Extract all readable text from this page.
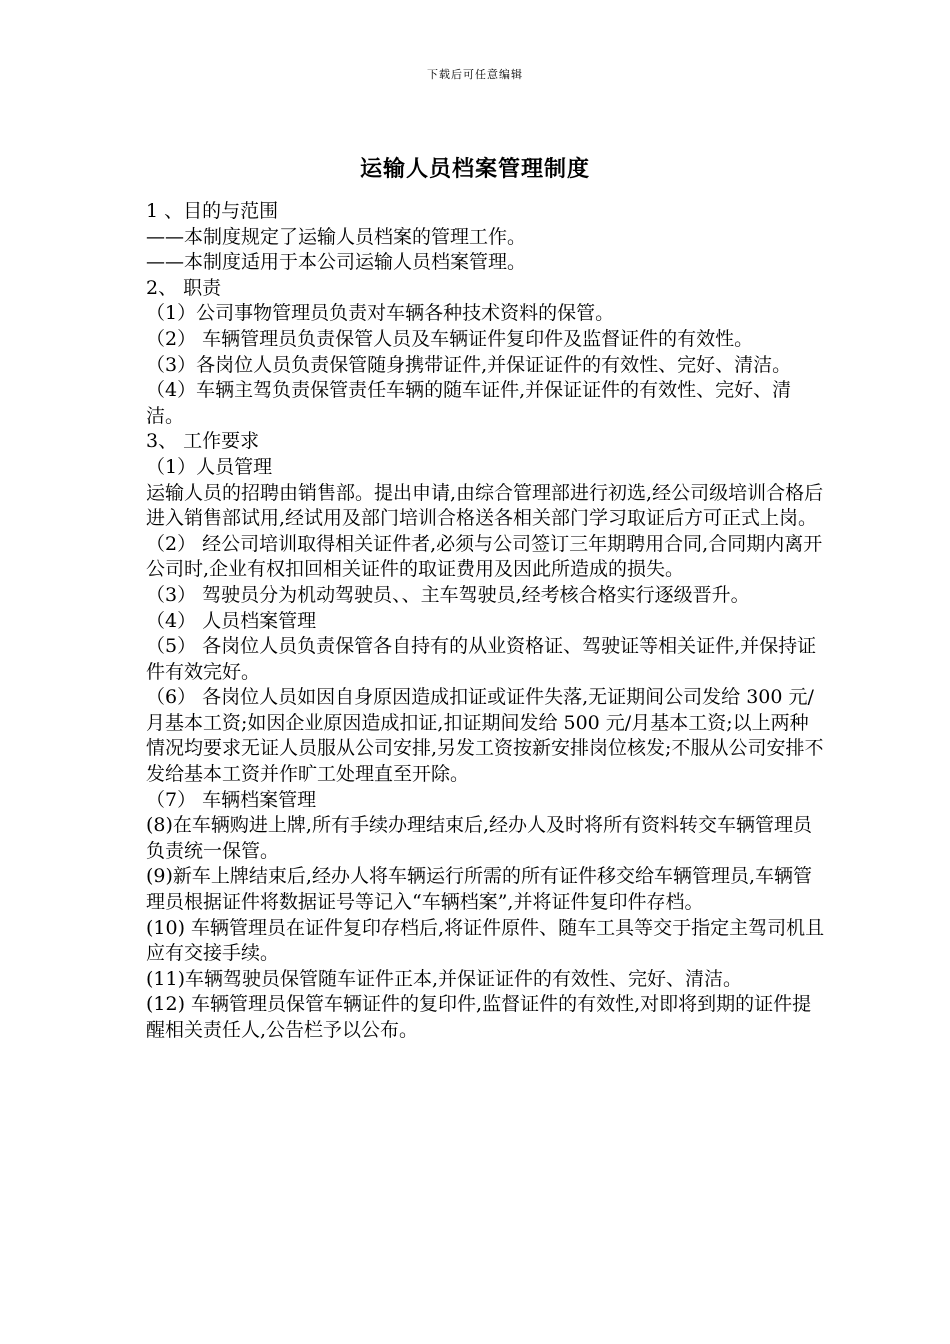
下载后可任意编辑
运输人员档案管理制度

1 、目的与范围

——本制度规定了运输人员档案的管理工作。

——本制度适用于本公司运输人员档案管理。

2、 职责

（1）公司事物管理员负责对车辆各种技术资料的保管。

（2） 车辆管理员负责保管人员及车辆证件复印件及监督证件的有效性。

（3）各岗位人员负责保管随身携带证件,并保证证件的有效性、完好、清洁。

（4）车辆主驾负责保管责任车辆的随车证件,并保证证件的有效性、完好、清洁。

3、 工作要求

（1）人员管理

运输人员的招聘由销售部。提出申请,由综合管理部进行初选,经公司级培训合格后进入销售部试用,经试用及部门培训合格送各相关部门学习取证后方可正式上岗。

（2） 经公司培训取得相关证件者,必须与公司签订三年期聘用合同,合同期内离开公司时,企业有权扣回相关证件的取证费用及因此所造成的损失。

（3） 驾驶员分为机动驾驶员、、主车驾驶员,经考核合格实行逐级晋升。

（4） 人员档案管理

（5） 各岗位人员负责保管各自持有的从业资格证、驾驶证等相关证件,并保持证件有效完好。

（6） 各岗位人员如因自身原因造成扣证或证件失落,无证期间公司发给 300 元/月基本工资;如因企业原因造成扣证,扣证期间发给 500 元/月基本工资;以上两种情况均要求无证人员服从公司安排,另发工资按新安排岗位核发;不服从公司安排不发给基本工资并作旷工处理直至开除。

（7） 车辆档案管理

(8)在车辆购进上牌,所有手续办理结束后,经办人及时将所有资料转交车辆管理员负责统一保管。

(9)新车上牌结束后,经办人将车辆运行所需的所有证件移交给车辆管理员,车辆管理员根据证件将数据证号等记入“车辆档案”,并将证件复印件存档。

(10) 车辆管理员在证件复印存档后,将证件原件、随车工具等交于指定主驾司机且应有交接手续。

(11)车辆驾驶员保管随车证件正本,并保证证件的有效性、完好、清洁。

(12) 车辆管理员保管车辆证件的复印件,监督证件的有效性,对即将到期的证件提醒相关责任人,公告栏予以公布。
